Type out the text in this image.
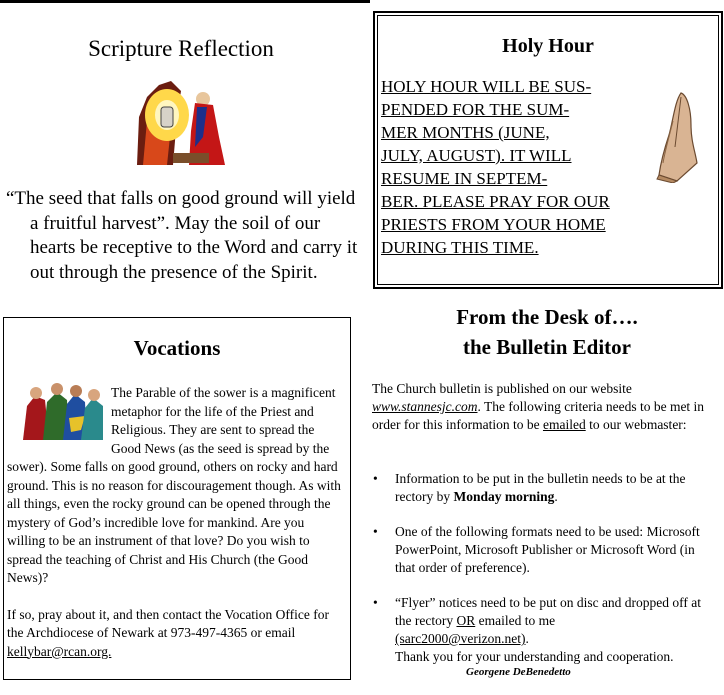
Scripture Reflection

“The seed that falls on good ground will yield a fruitful harvest”. May the soil of our hearts be receptive to the Word and carry it out through the presence of the Spirit.

Holy Hour
HOLY HOUR WILL BE SUS-
PENDED FOR THE SUM-
MER MONTHS (JUNE,
JULY, AUGUST). IT WILL
RESUME IN SEPTEM-
BER. PLEASE PRAY FOR OUR
PRIESTS FROM YOUR HOME
DURING THIS TIME.
Vocations

The Parable of the sower is a magnificent metaphor for the life of the Priest and Religious. They are sent to spread the Good News (as the seed is spread by the sower). Some falls on good ground, others on rocky and hard ground. This is no reason for discouragement though. As with all things, even the rocky ground can be opened through the mystery of God’s incredible love for mankind. Are you willing to be an instrument of that love? Do you wish to spread the teaching of Christ and His Church (the Good News)?

If so, pray about it, and then contact the Vocation Office for the Archdiocese of Newark at 973-497-4365 or email kellybar@rcan.org.

From the Desk of….
the Bulletin Editor
The Church bulletin is published on our website www.stannesjc.com. The following criteria needs to be met in order for this information to be emailed to our webmaster:
• Information to be put in the bulletin needs to be at the rectory by Monday morning.
• One of the following formats need to be used: Microsoft PowerPoint, Microsoft Publisher or Microsoft Word (in that order of preference).
• “Flyer” notices need to be put on disc and dropped off at the rectory OR emailed to me
(sarc2000@verizon.net).
Thank you for your understanding and cooperation.
Georgene DeBenedetto
